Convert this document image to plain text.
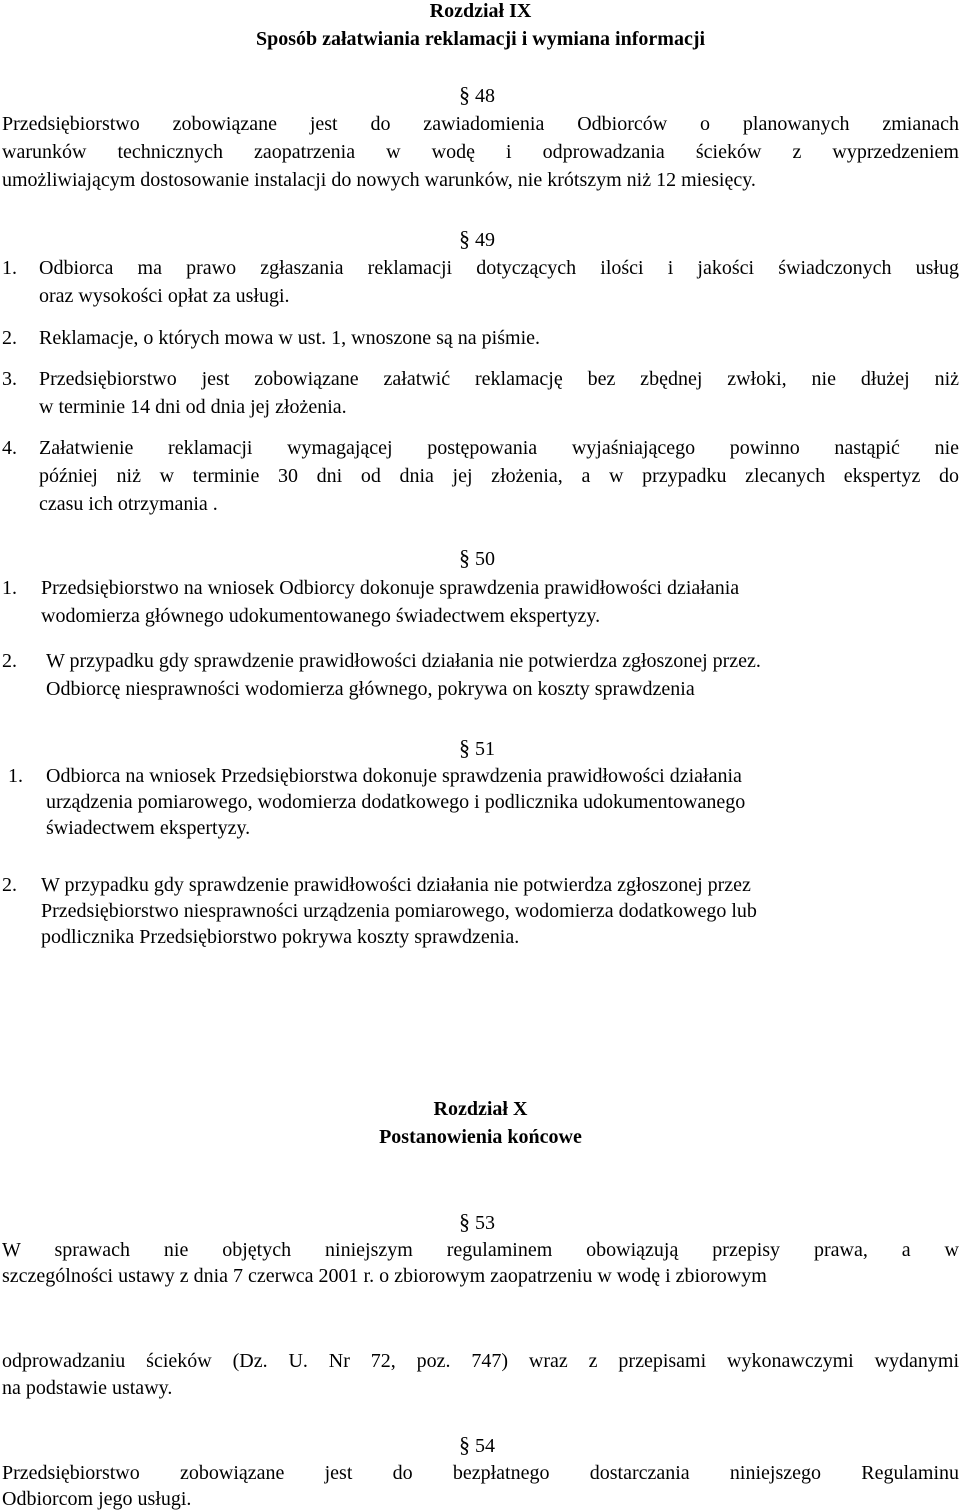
Rozdział IX
Sposób załatwiania reklamacji i wymiana informacji
§ 48
Przedsiębiorstwo zobowiązane jest do zawiadomienia Odbiorców o planowanych zmianach
warunków technicznych zaopatrzenia w wodę i odprowadzania ścieków z wyprzedzeniem
umożliwiającym dostosowanie instalacji do nowych warunków, nie krótszym niż 12 miesięcy.
§ 49
1. Odbiorca ma prawo zgłaszania reklamacji dotyczących ilości i jakości świadczonych usług
oraz wysokości opłat za usługi.
2. Reklamacje, o których mowa w ust. 1, wnoszone są na piśmie.
3. Przedsiębiorstwo jest zobowiązane załatwić reklamację bez zbędnej zwłoki, nie dłużej niż
w terminie 14 dni od dnia jej złożenia.
4. Załatwienie reklamacji wymagającej postępowania wyjaśniającego powinno nastąpić nie
później niż w terminie 30 dni od dnia jej złożenia, a w przypadku zlecanych ekspertyz do
czasu ich otrzymania .
§ 50
1. Przedsiębiorstwo na wniosek Odbiorcy dokonuje sprawdzenia prawidłowości działania
wodomierza głównego udokumentowanego świadectwem ekspertyzy.
2. W przypadku gdy sprawdzenie prawidłowości działania nie potwierdza zgłoszonej przez.
Odbiorcę niesprawności wodomierza głównego, pokrywa on koszty sprawdzenia
§ 51
1. Odbiorca na wniosek Przedsiębiorstwa dokonuje sprawdzenia prawidłowości działania
urządzenia pomiarowego, wodomierza dodatkowego i podlicznika udokumentowanego
świadectwem ekspertyzy.
2. W przypadku gdy sprawdzenie prawidłowości działania nie potwierdza zgłoszonej przez
Przedsiębiorstwo niesprawności urządzenia pomiarowego, wodomierza dodatkowego lub
podlicznika Przedsiębiorstwo pokrywa koszty sprawdzenia.
Rozdział X
Postanowienia końcowe
§ 53
W sprawach nie objętych niniejszym regulaminem obowiązują przepisy prawa, a w
szczególności ustawy z dnia 7 czerwca 2001 r. o zbiorowym zaopatrzeniu w wodę i zbiorowym
odprowadzaniu ścieków (Dz. U. Nr 72, poz. 747) wraz z przepisami wykonawczymi wydanymi
na podstawie ustawy.
§ 54
Przedsiębiorstwo zobowiązane jest do bezpłatnego dostarczania niniejszego Regulaminu
Odbiorcom jego usługi.
